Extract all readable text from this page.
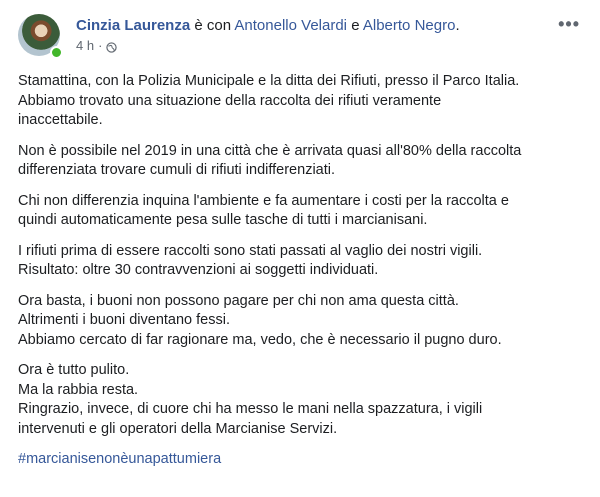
Cinzia Laurenza è con Antonello Velardi e Alberto Negro.
4 h ·
•••

Stamattina, con la Polizia Municipale e la ditta dei Rifiuti, presso il Parco Italia.
Abbiamo trovato una situazione della raccolta dei rifiuti veramente
inaccettabile.

Non è possibile nel 2019 in una città che è arrivata quasi all'80% della raccolta
differenziata trovare cumuli di rifiuti indifferenziati.

Chi non differenzia inquina l'ambiente e fa aumentare i costi per la raccolta e
quindi automaticamente pesa sulle tasche di tutti i marcianisani.

I rifiuti prima di essere raccolti sono stati passati al vaglio dei nostri vigili.
Risultato: oltre 30 contravvenzioni ai soggetti individuati.

Ora basta, i buoni non possono pagare per chi non ama questa città.
Altrimenti i buoni diventano fessi.
Abbiamo cercato di far ragionare ma, vedo, che è necessario il pugno duro.

Ora è tutto pulito.
Ma la rabbia resta.
Ringrazio, invece, di cuore chi ha messo le mani nella spazzatura, i vigili
intervenuti e gli operatori della Marcianise Servizi.

#marcianisenonèunapattumiera
